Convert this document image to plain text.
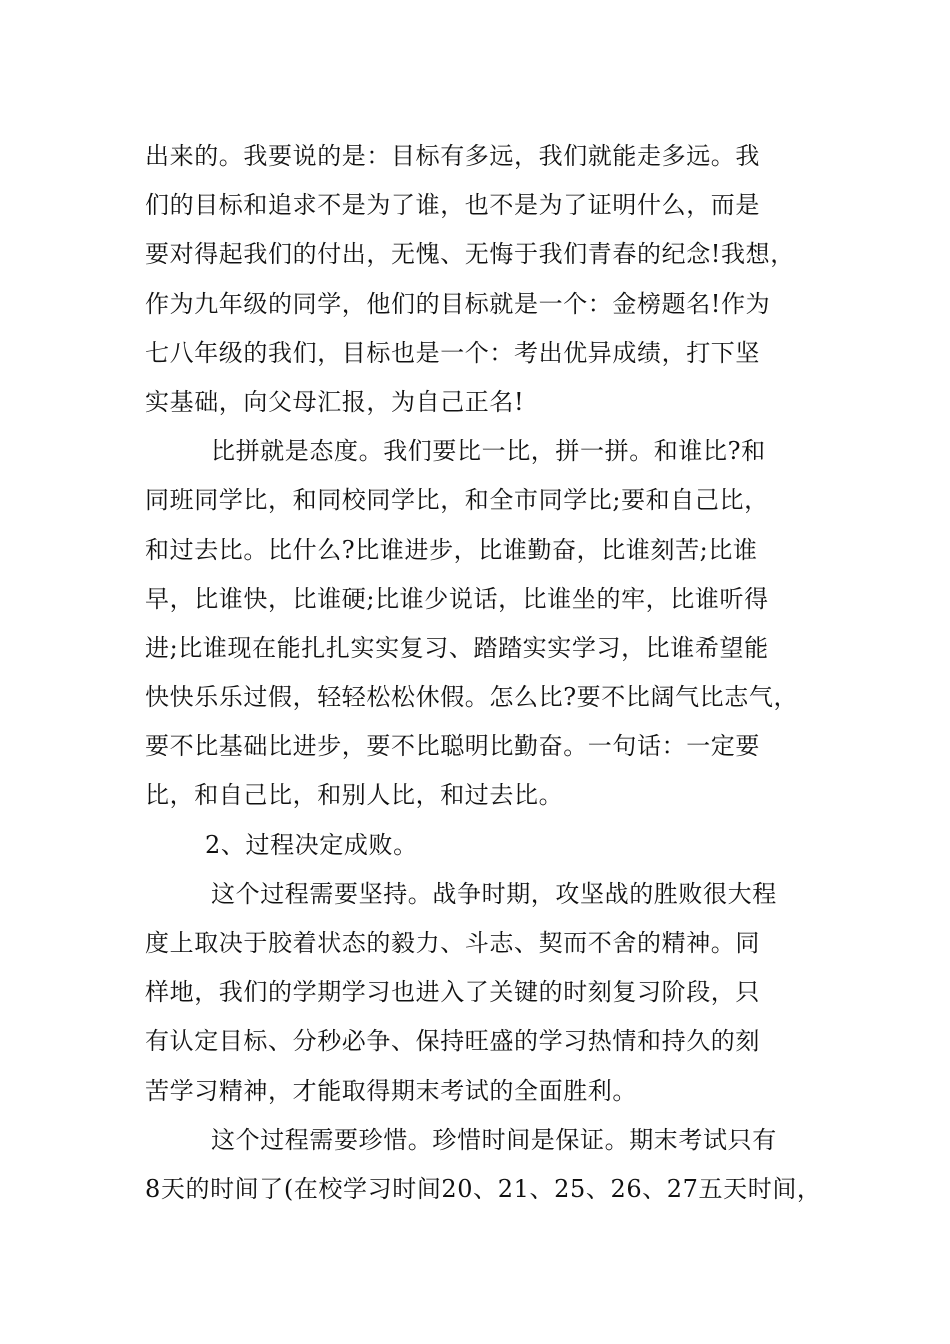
出来的。我要说的是：目标有多远，我们就能走多远。我
们的目标和追求不是为了谁，也不是为了证明什么，而是
要对得起我们的付出，无愧、无悔于我们青春的纪念!我想，
作为九年级的同学，他们的目标就是一个：金榜题名!作为
七八年级的我们，目标也是一个：考出优异成绩，打下坚
实基础，向父母汇报，为自己正名!
比拼就是态度。我们要比一比，拼一拼。和谁比?和
同班同学比，和同校同学比，和全市同学比;要和自己比，
和过去比。比什么?比谁进步，比谁勤奋，比谁刻苦;比谁
早，比谁快，比谁硬;比谁少说话，比谁坐的牢，比谁听得
进;比谁现在能扎扎实实复习、踏踏实实学习，比谁希望能
快快乐乐过假，轻轻松松休假。怎么比?要不比阔气比志气，
要不比基础比进步，要不比聪明比勤奋。一句话：一定要
比，和自己比，和别人比，和过去比。
2、过程决定成败。
这个过程需要坚持。战争时期，攻坚战的胜败很大程
度上取决于胶着状态的毅力、斗志、契而不舍的精神。同
样地，我们的学期学习也进入了关键的时刻复习阶段，只
有认定目标、分秒必争、保持旺盛的学习热情和持久的刻
苦学习精神，才能取得期末考试的全面胜利。
这个过程需要珍惜。珍惜时间是保证。期末考试只有
8天的时间了(在校学习时间20、21、25、26、27五天时间，
